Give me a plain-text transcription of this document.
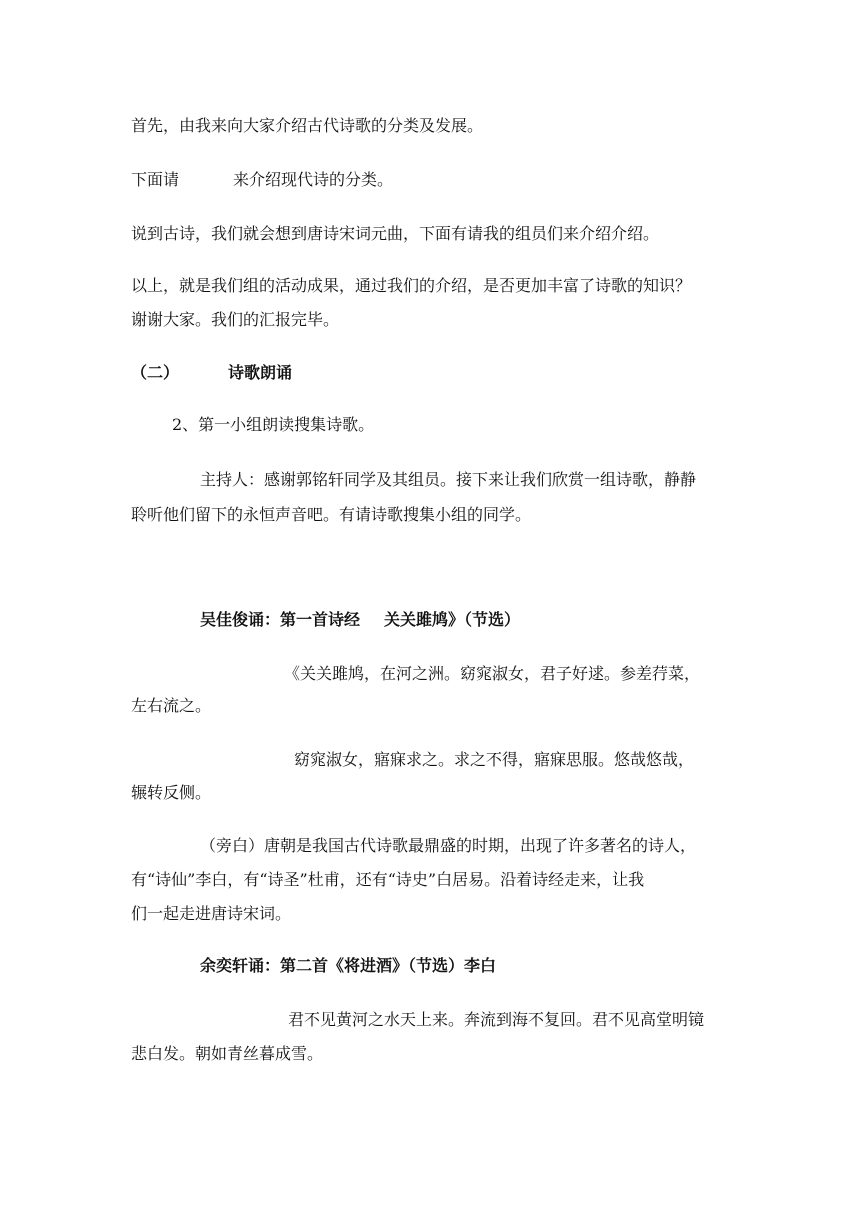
首先，由我来向大家介绍古代诗歌的分类及发展。
下面请	来介绍现代诗的分类。
说到古诗，我们就会想到唐诗宋词元曲，下面有请我的组员们来介绍介绍。
以上，就是我们组的活动成果，通过我们的介绍，是否更加丰富了诗歌的知识？
谢谢大家。我们的汇报完毕。
（二）	诗歌朗诵
2、第一小组朗读搜集诗歌。
主持人：感谢郭铭轩同学及其组员。接下来让我们欣赏一组诗歌，静静
聆听他们留下的永恒声音吧。有请诗歌搜集小组的同学。
吴佳俊诵：第一首诗经 关关雎鸠》（节选）
《关关雎鸠，在河之洲。窈窕淑女，君子好逑。参差荇菜，
左右流之。
窈窕淑女，寤寐求之。求之不得，寤寐思服。悠哉悠哉，
辗转反侧。
（旁白）唐朝是我国古代诗歌最鼎盛的时期，出现了许多著名的诗人，
有“诗仙”李白，有“诗圣”杜甫，还有“诗史”白居易。沿着诗经走来，让我
们一起走进唐诗宋词。
余奕轩诵：第二首《将进酒》（节选）李白
君不见黄河之水天上来。奔流到海不复回。君不见高堂明镜
悲白发。朝如青丝暮成雪。
